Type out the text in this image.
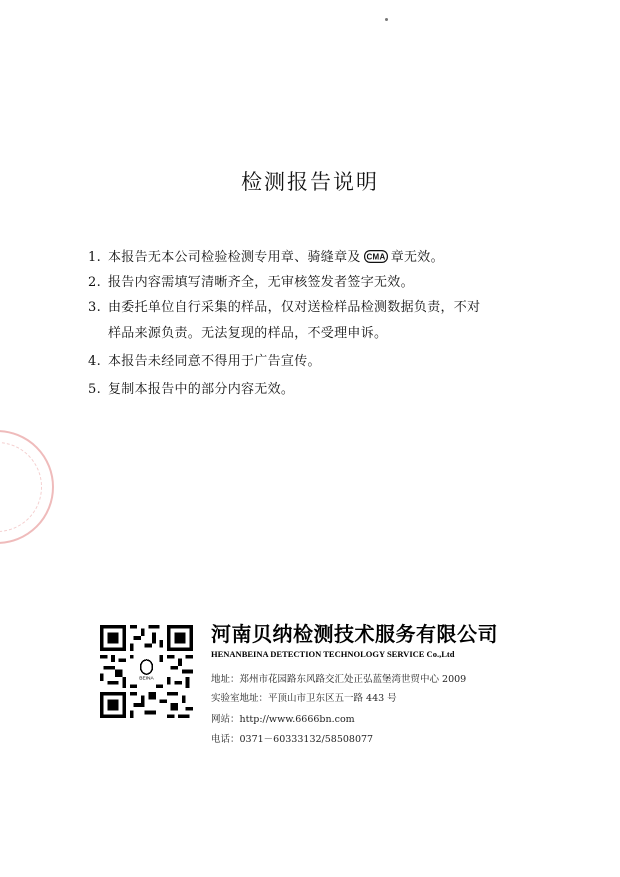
检测报告说明
1. 本报告无本公司检验检测专用章、骑缝章及 CMA 章无效。
2. 报告内容需填写清晰齐全，无审核签发者签字无效。
3. 由委托单位自行采集的样品，仅对送检样品检测数据负责，不对
样品来源负责。无法复现的样品，不受理申诉。
4. 本报告未经同意不得用于广告宣传。
5. 复制本报告中的部分内容无效。
BEINA
河南贝纳检测技术服务有限公司
HENANBEINA DETECTION TECHNOLOGY SERVICE Co.,Ltd
地址：郑州市花园路东风路交汇处正弘蓝堡湾世贸中心 2009
实验室地址：平顶山市卫东区五一路 443 号
网站：http://www.6666bn.com
电话：0371－60333132/58508077
